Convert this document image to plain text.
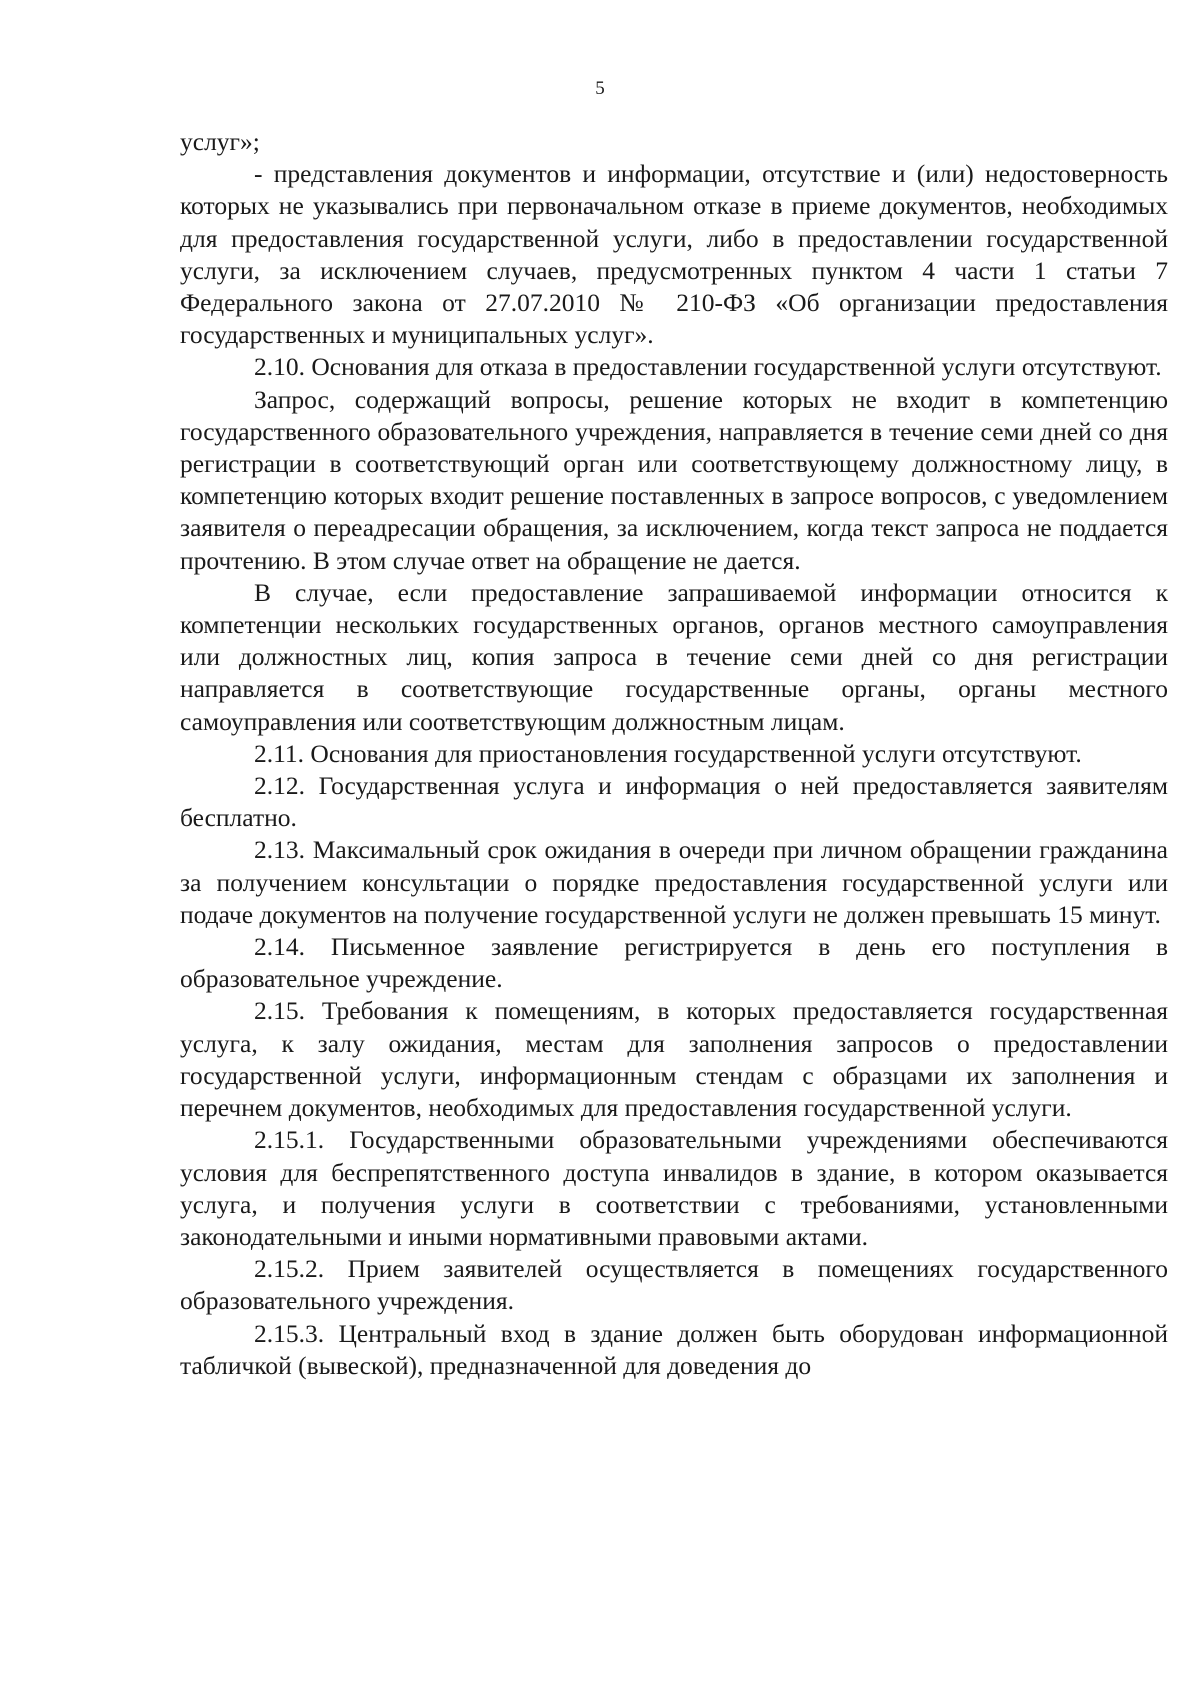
5

услуг»;

- представления документов и информации, отсутствие и (или) недостоверность которых не указывались при первоначальном отказе в приеме документов, необходимых для предоставления государственной услуги, либо в предоставлении государственной услуги, за исключением случаев, предусмотренных пунктом 4 части 1 статьи 7 Федерального закона от 27.07.2010 № 210-ФЗ «Об организации предоставления государственных и муниципальных услуг».

2.10. Основания для отказа в предоставлении государственной услуги отсутствуют.

Запрос, содержащий вопросы, решение которых не входит в компетенцию государственного образовательного учреждения, направляется в течение семи дней со дня регистрации в соответствующий орган или соответствующему должностному лицу, в компетенцию которых входит решение поставленных в запросе вопросов, с уведомлением заявителя о переадресации обращения, за исключением, когда текст запроса не поддается прочтению. В этом случае ответ на обращение не дается.

В случае, если предоставление запрашиваемой информации относится к компетенции нескольких государственных органов, органов местного самоуправления или должностных лиц, копия запроса в течение семи дней со дня регистрации направляется в соответствующие государственные органы, органы местного самоуправления или соответствующим должностным лицам.

2.11. Основания для приостановления государственной услуги отсутствуют.

2.12. Государственная услуга и информация о ней предоставляется заявителям бесплатно.

2.13. Максимальный срок ожидания в очереди при личном обращении гражданина за получением консультации о порядке предоставления государственной услуги или подаче документов на получение государственной услуги не должен превышать 15 минут.

2.14. Письменное заявление регистрируется в день его поступления в образовательное учреждение.

2.15. Требования к помещениям, в которых предоставляется государственная услуга, к залу ожидания, местам для заполнения запросов о предоставлении государственной услуги, информационным стендам с образцами их заполнения и перечнем документов, необходимых для предоставления государственной услуги.

2.15.1. Государственными образовательными учреждениями обеспечиваются условия для беспрепятственного доступа инвалидов в здание, в котором оказывается услуга, и получения услуги в соответствии с требованиями, установленными законодательными и иными нормативными правовыми актами.

2.15.2. Прием заявителей осуществляется в помещениях государственного образовательного учреждения.

2.15.3. Центральный вход в здание должен быть оборудован информационной табличкой (вывеской), предназначенной для доведения до
